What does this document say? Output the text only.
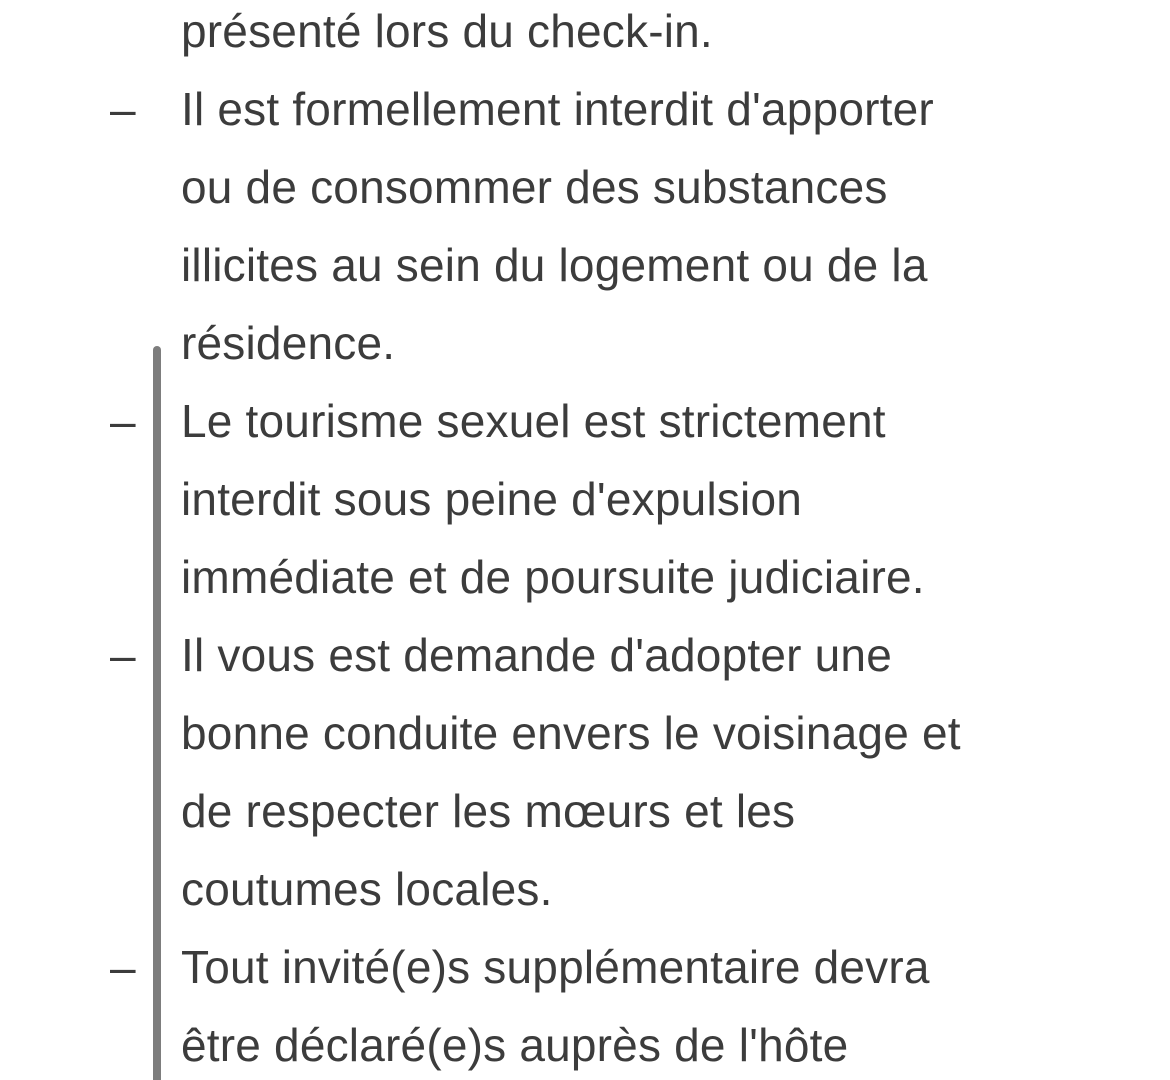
présenté lors du check-in.
– Il est formellement interdit d'apporter
ou de consommer des substances
illicites au sein du logement ou de la
résidence.
– Le tourisme sexuel est strictement
interdit sous peine d'expulsion
immédiate et de poursuite judiciaire.
– Il vous est demande d'adopter une
bonne conduite envers le voisinage et
de respecter les mœurs et les
coutumes locales.
– Tout invité(e)s supplémentaire devra
être déclaré(e)s auprès de l'hôte
